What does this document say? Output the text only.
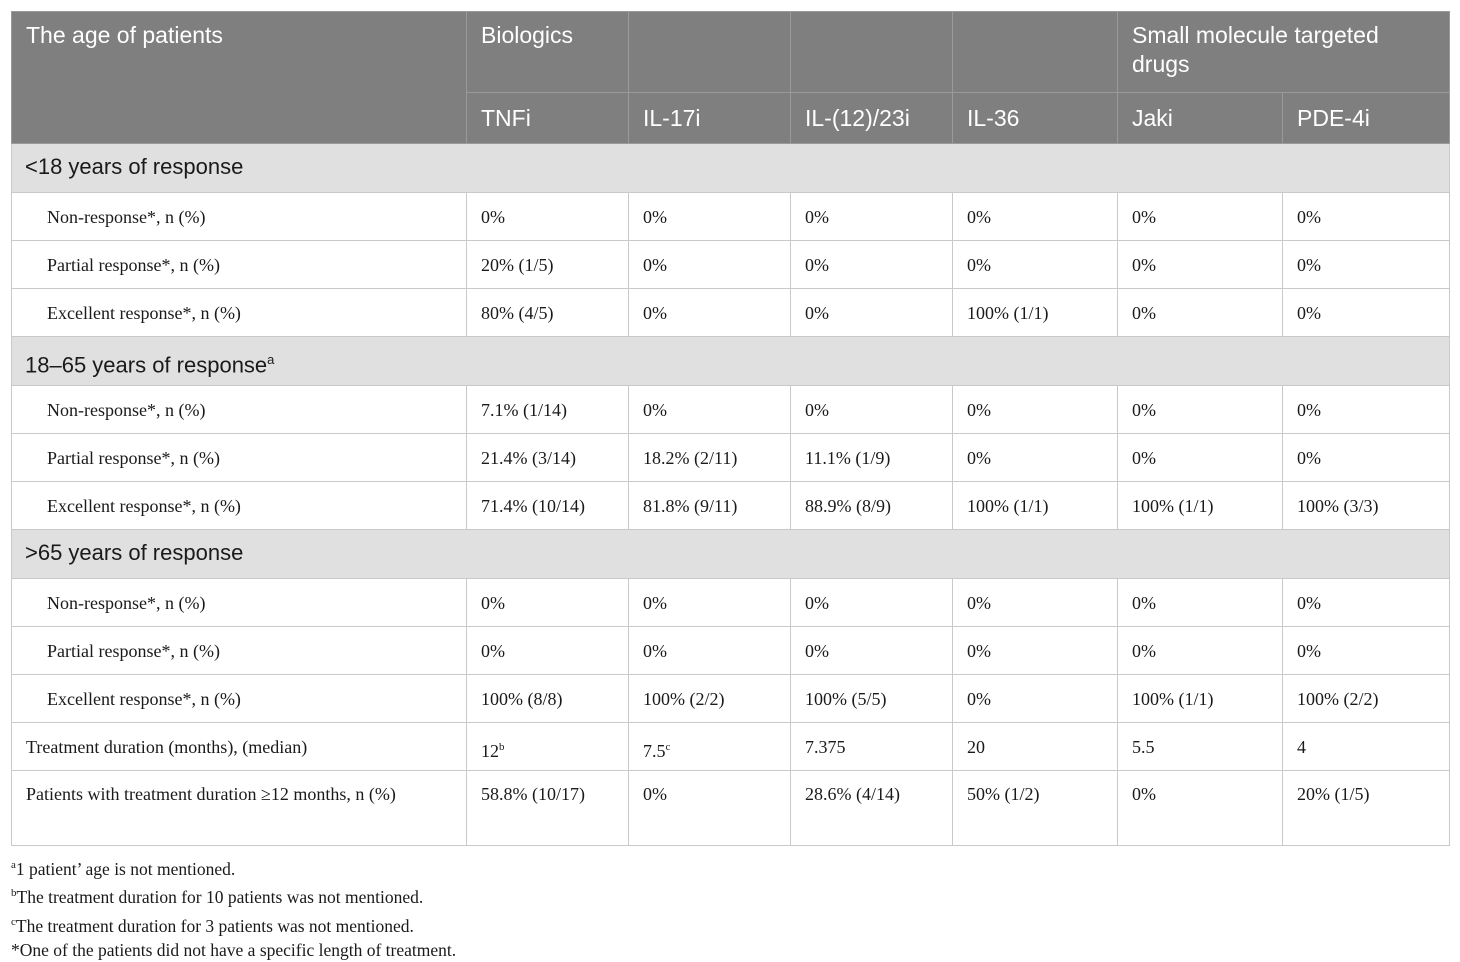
The age of patients	Biologics				Small molecule targeted drugs	
	TNFi	IL-17i	IL-(12)/23i	IL-36	Jaki	PDE-4i
<18 years of response						
Non-response*, n (%)	0%	0%	0%	0%	0%	0%
Partial response*, n (%)	20% (1/5)	0%	0%	0%	0%	0%
Excellent response*, n (%)	80% (4/5)	0%	0%	100% (1/1)	0%	0%
18–65 years of response$^a$
Non-response*, n (%)	7.1% (1/14)	0%	0%	0%	0%	0%
Partial response*, n (%)	21.4% (3/14)	18.2% (2/11)	11.1% (1/9)	0%	0%	0%
Excellent response*, n (%)	71.4% (10/14)	81.8% (9/11)	88.9% (8/9)	100% (1/1)	100% (1/1)	100% (3/3)
>65 years of response						
Non-response*, n (%)	0%	0%	0%	0%	0%	0%
Partial response*, n (%)	0%	0%	0%	0%	0%	0%
Excellent response*, n (%)	100% (8/8)	100% (2/2)	100% (5/5)	0%	100% (1/1)	100% (2/2)
Treatment duration (months), (median)	12$^b$	7.5$^c$	7.375	20	5.5	4
Patients with treatment duration ≥12 months, n (%)	58.8% (10/17)	0%	28.6% (4/14)	50% (1/2)	0%	20% (1/5)
$^a$1 patient’ age is not mentioned.
$^b$The treatment duration for 10 patients was not mentioned.
$^c$The treatment duration for 3 patients was not mentioned.
*One of the patients did not have a specific length of treatment.
